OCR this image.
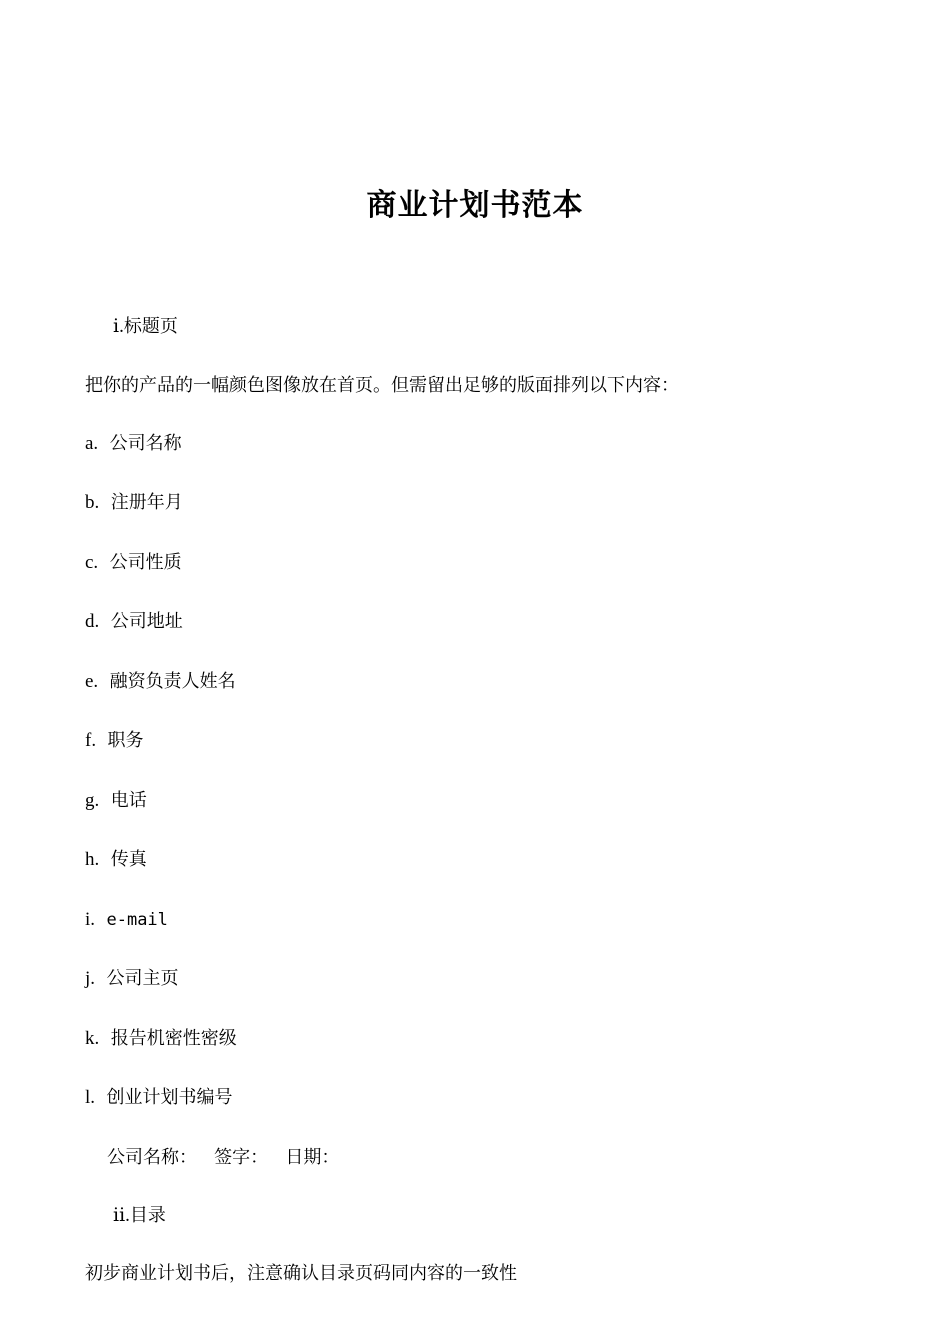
商业计划书范本

ⅰ.标题页

把你的产品的一幅颜色图像放在首页。但需留出足够的版面排列以下内容：

a. 公司名称

b. 注册年月

c. 公司性质

d. 公司地址

e. 融资负责人姓名

f. 职务

g. 电话

h. 传真

i. e-mail

j. 公司主页

k. 报告机密性密级

l. 创业计划书编号

公司名称：   签字：   日期：

ⅱ.目录

初步商业计划书后，注意确认目录页码同内容的一致性
